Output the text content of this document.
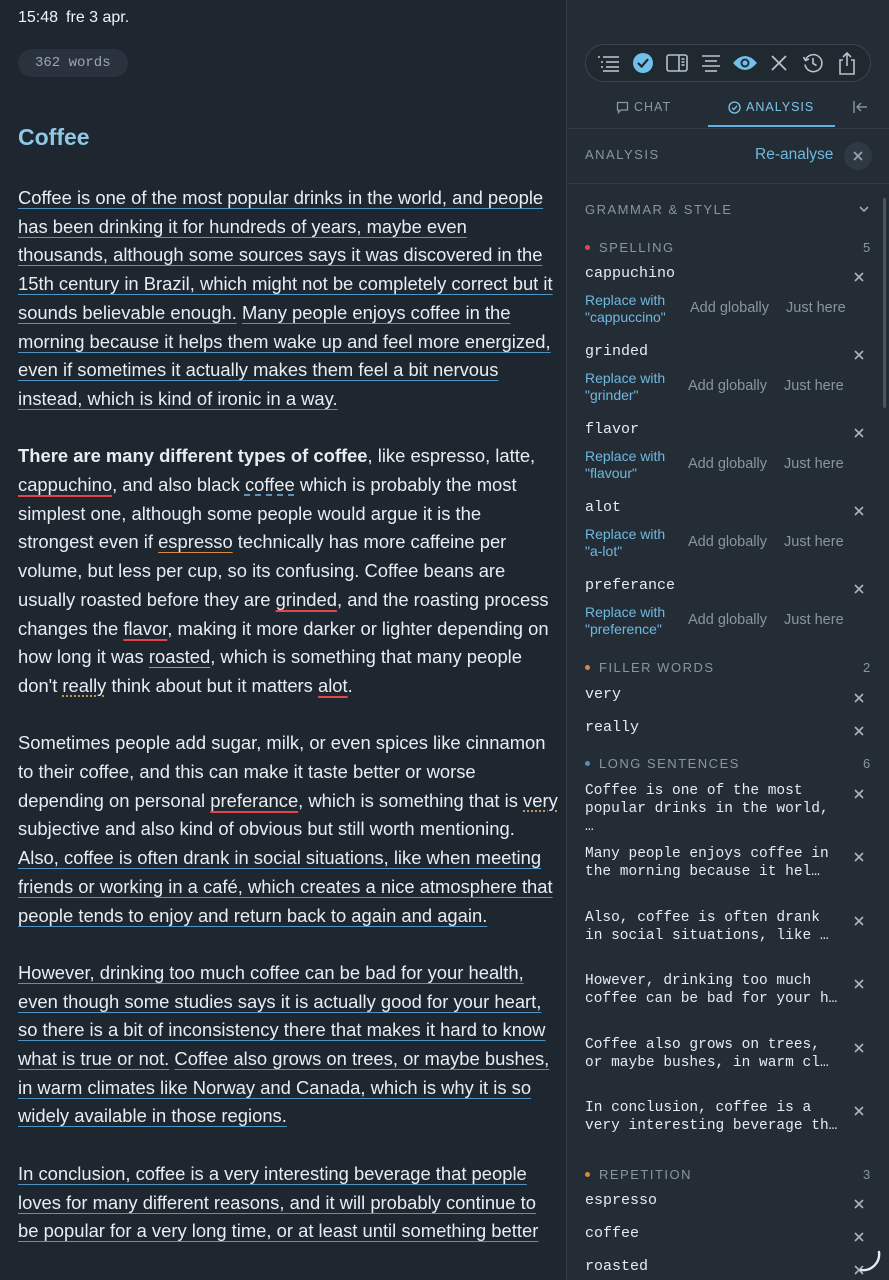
15:48 fre 3 apr.
362 words
Coffee

Coffee is one of the most popular drinks in the world, and people has been drinking it for hundreds of years, maybe even thousands, although some sources says it was discovered in the 15th century in Brazil, which might not be completely correct but it sounds believable enough. Many people enjoys coffee in the morning because it helps them wake up and feel more energized, even if sometimes it actually makes them feel a bit nervous instead, which is kind of ironic in a way.

There are many different types of coffee, like espresso, latte, cappuchino, and also black coffee which is probably the most simplest one, although some people would argue it is the strongest even if espresso technically has more caffeine per volume, but less per cup, so its confusing. Coffee beans are usually roasted before they are grinded, and the roasting process changes the flavor, making it more darker or lighter depending on how long it was roasted, which is something that many people don't really think about but it matters alot.

Sometimes people add sugar, milk, or even spices like cinnamon to their coffee, and this can make it taste better or worse depending on personal preferance, which is something that is very subjective and also kind of obvious but still worth mentioning. Also, coffee is often drank in social situations, like when meeting friends or working in a café, which creates a nice atmosphere that people tends to enjoy and return back to again and again.

However, drinking too much coffee can be bad for your health, even though some studies says it is actually good for your heart, so there is a bit of inconsistency there that makes it hard to know what is true or not. Coffee also grows on trees, or maybe bushes, in warm climates like Norway and Canada, which is why it is so widely available in those regions.

In conclusion, coffee is a very interesting beverage that people loves for many different reasons, and it will probably continue to be popular for a very long time, or at least until something better

CHAT	ANALYSIS
ANALYSIS	Re-analyse
GRAMMAR & STYLE
SPELLING	5
cappuchino
Replace with "cappuccino"
Add globally Just here
grinded
Replace with "grinder"
Add globally Just here
flavor
Replace with "flavour"
Add globally Just here
alot
Replace with "a-lot"
Add globally Just here
preferance
Replace with "preference"
Add globally Just here
FILLER WORDS	2
very
really
LONG SENTENCES	6
Coffee is one of the most popular drinks in the world, …
Many people enjoys coffee in the morning because it hel…
Also, coffee is often drank in social situations, like …
However, drinking too much coffee can be bad for your h…
Coffee also grows on trees, or maybe bushes, in warm cl…
In conclusion, coffee is a very interesting beverage th…
REPETITION	3
espresso
coffee
roasted
